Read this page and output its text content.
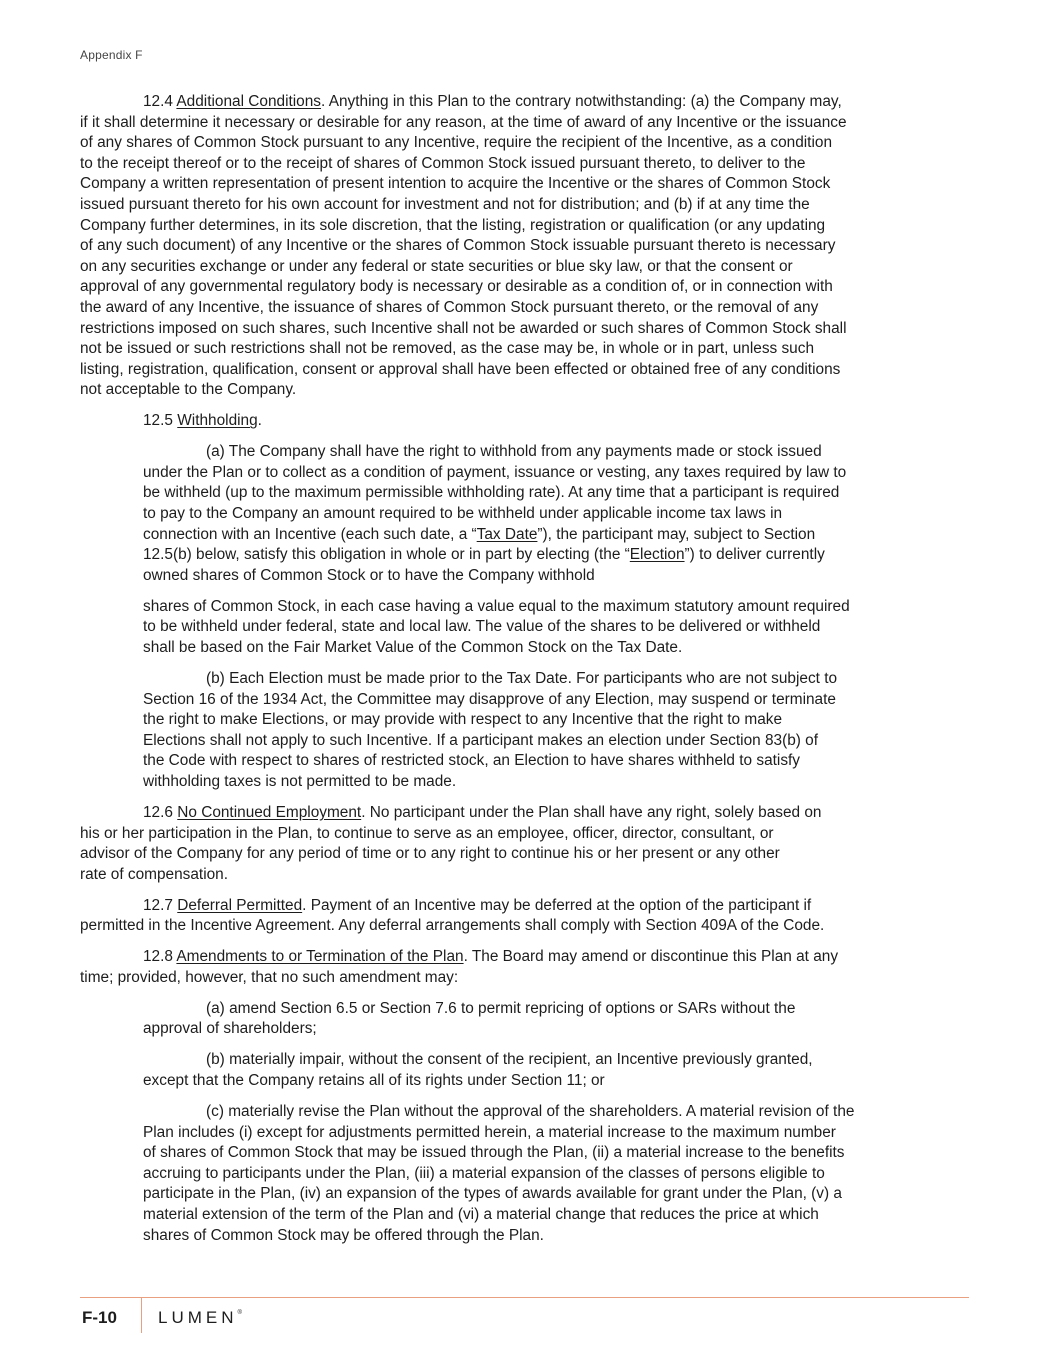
Appendix F
12.4 Additional Conditions. Anything in this Plan to the contrary notwithstanding: (a) the Company may,
if it shall determine it necessary or desirable for any reason, at the time of award of any Incentive or the issuance
of any shares of Common Stock pursuant to any Incentive, require the recipient of the Incentive, as a condition
to the receipt thereof or to the receipt of shares of Common Stock issued pursuant thereto, to deliver to the
Company a written representation of present intention to acquire the Incentive or the shares of Common Stock
issued pursuant thereto for his own account for investment and not for distribution; and (b) if at any time the
Company further determines, in its sole discretion, that the listing, registration or qualification (or any updating
of any such document) of any Incentive or the shares of Common Stock issuable pursuant thereto is necessary
on any securities exchange or under any federal or state securities or blue sky law, or that the consent or
approval of any governmental regulatory body is necessary or desirable as a condition of, or in connection with
the award of any Incentive, the issuance of shares of Common Stock pursuant thereto, or the removal of any
restrictions imposed on such shares, such Incentive shall not be awarded or such shares of Common Stock shall
not be issued or such restrictions shall not be removed, as the case may be, in whole or in part, unless such
listing, registration, qualification, consent or approval shall have been effected or obtained free of any conditions
not acceptable to the Company.
12.5 Withholding.
(a) The Company shall have the right to withhold from any payments made or stock issued
under the Plan or to collect as a condition of payment, issuance or vesting, any taxes required by law to
be withheld (up to the maximum permissible withholding rate). At any time that a participant is required
to pay to the Company an amount required to be withheld under applicable income tax laws in
connection with an Incentive (each such date, a “Tax Date”), the participant may, subject to Section
12.5(b) below, satisfy this obligation in whole or in part by electing (the “Election”) to deliver currently
owned shares of Common Stock or to have the Company withhold
shares of Common Stock, in each case having a value equal to the maximum statutory amount required
to be withheld under federal, state and local law. The value of the shares to be delivered or withheld
shall be based on the Fair Market Value of the Common Stock on the Tax Date.
(b) Each Election must be made prior to the Tax Date. For participants who are not subject to
Section 16 of the 1934 Act, the Committee may disapprove of any Election, may suspend or terminate
the right to make Elections, or may provide with respect to any Incentive that the right to make
Elections shall not apply to such Incentive. If a participant makes an election under Section 83(b) of
the Code with respect to shares of restricted stock, an Election to have shares withheld to satisfy
withholding taxes is not permitted to be made.
12.6 No Continued Employment. No participant under the Plan shall have any right, solely based on
his or her participation in the Plan, to continue to serve as an employee, officer, director, consultant, or
advisor of the Company for any period of time or to any right to continue his or her present or any other
rate of compensation.
12.7 Deferral Permitted. Payment of an Incentive may be deferred at the option of the participant if
permitted in the Incentive Agreement. Any deferral arrangements shall comply with Section 409A of the Code.
12.8 Amendments to or Termination of the Plan. The Board may amend or discontinue this Plan at any
time; provided, however, that no such amendment may:
(a) amend Section 6.5 or Section 7.6 to permit repricing of options or SARs without the
approval of shareholders;
(b) materially impair, without the consent of the recipient, an Incentive previously granted,
except that the Company retains all of its rights under Section 11; or
(c) materially revise the Plan without the approval of the shareholders. A material revision of the
Plan includes (i) except for adjustments permitted herein, a material increase to the maximum number
of shares of Common Stock that may be issued through the Plan, (ii) a material increase to the benefits
accruing to participants under the Plan, (iii) a material expansion of the classes of persons eligible to
participate in the Plan, (iv) an expansion of the types of awards available for grant under the Plan, (v) a
material extension of the term of the Plan and (vi) a material change that reduces the price at which
shares of Common Stock may be offered through the Plan.
F-10 LUMEN®
